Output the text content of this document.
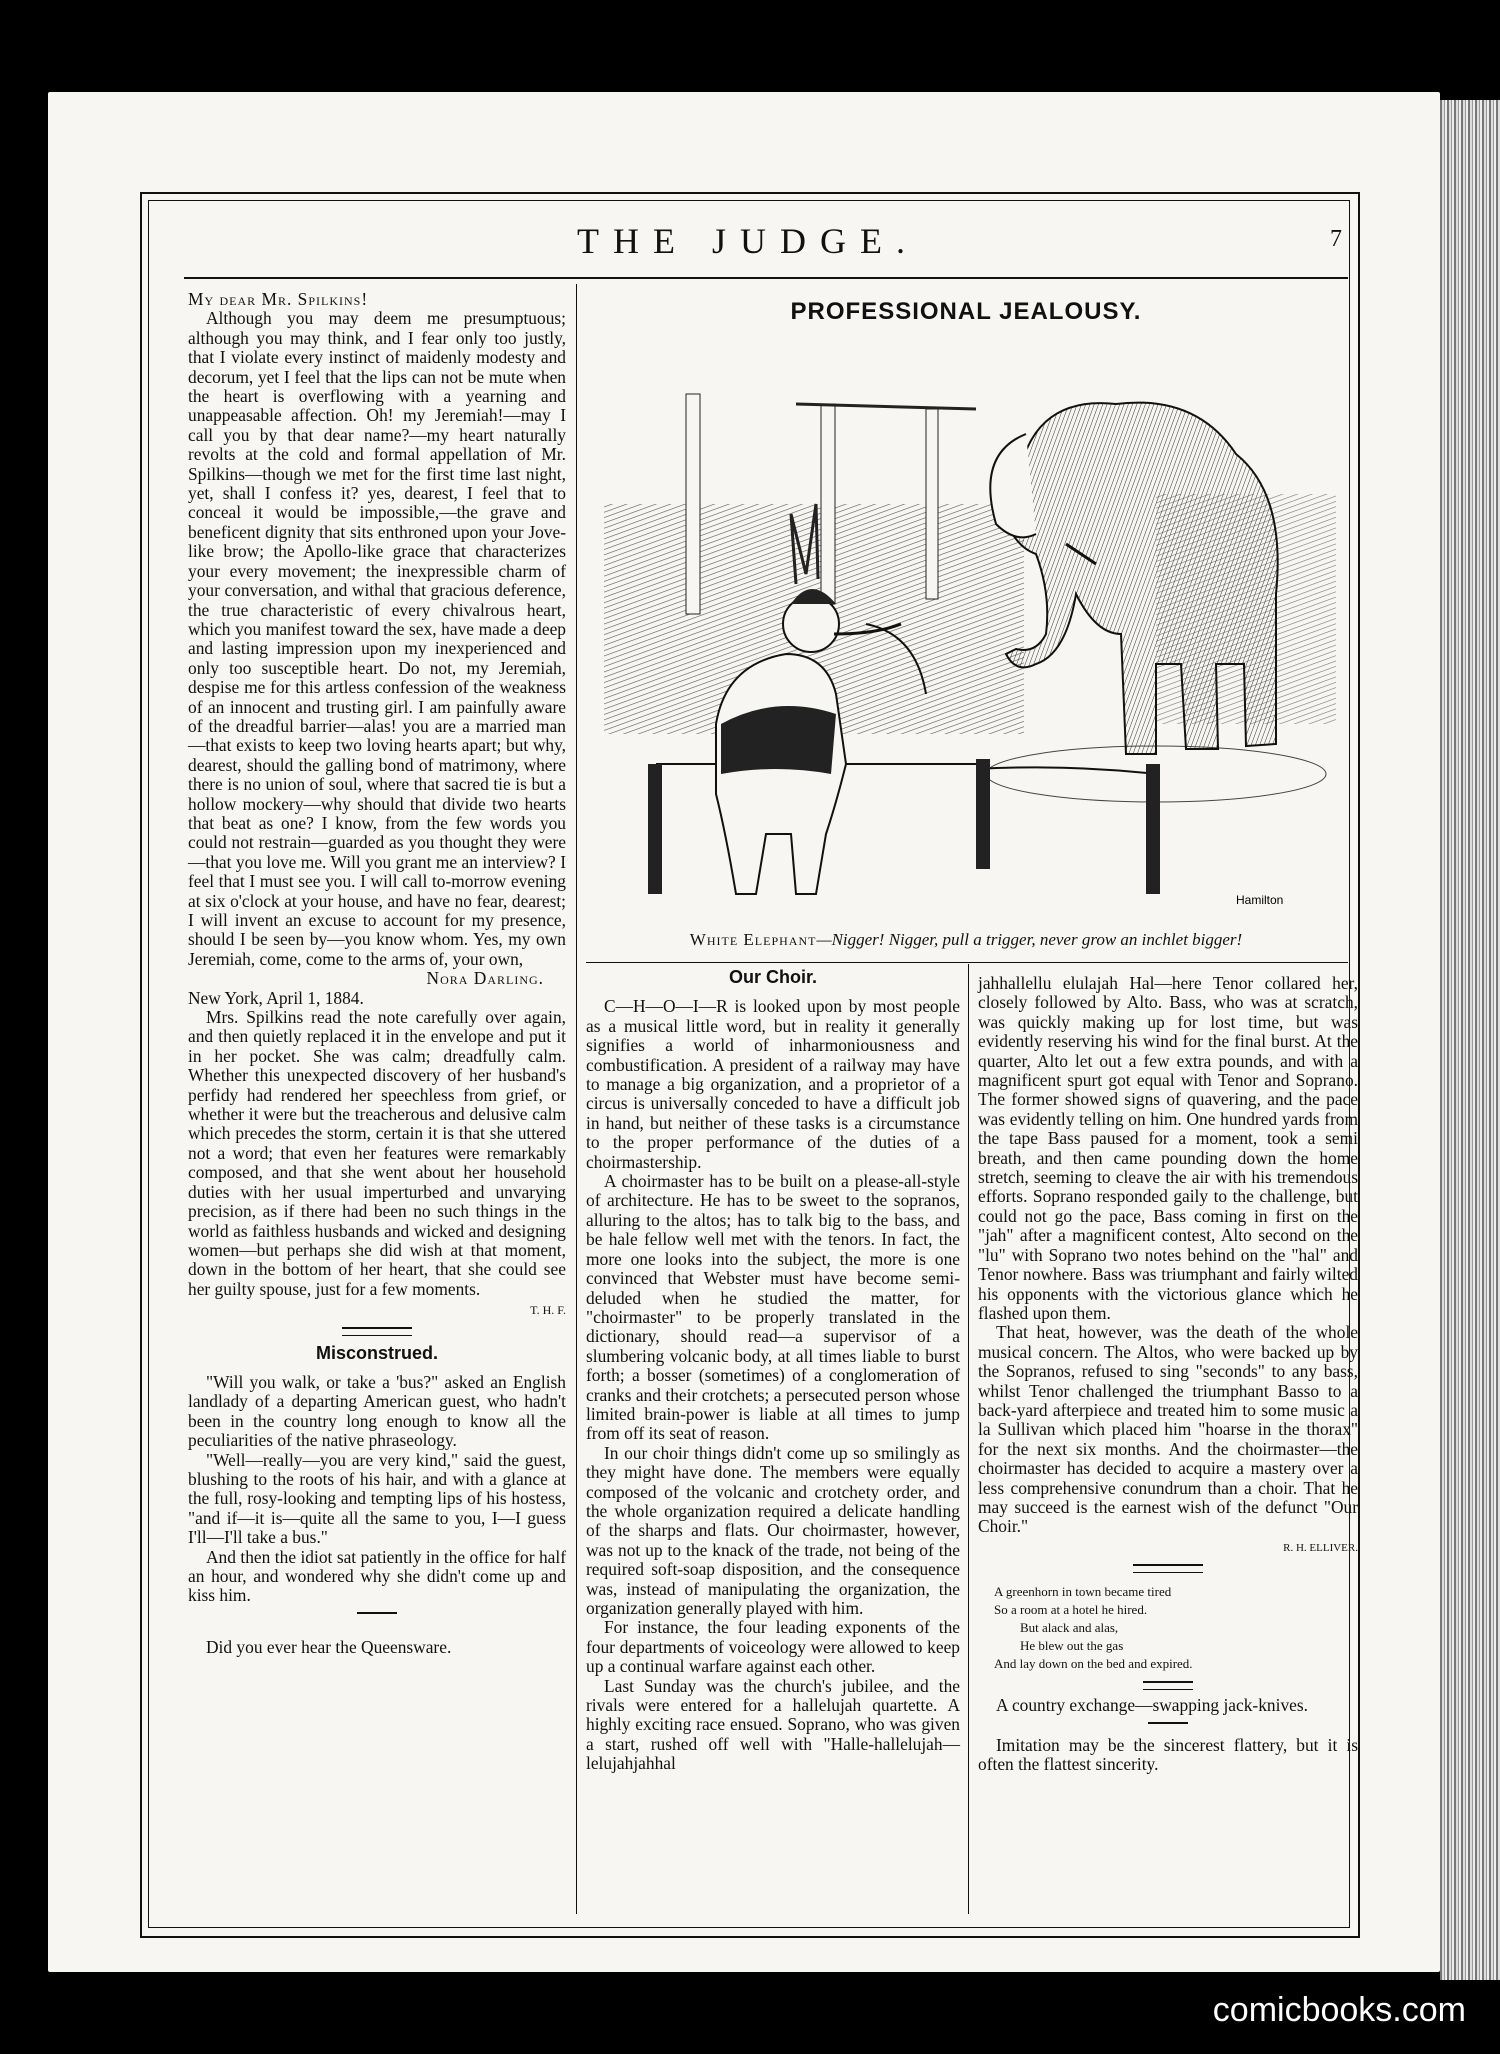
THE JUDGE.	7

My dear Mr. Spilkins!

Although you may deem me presumptuous; although you may think, and I fear only too justly, that I violate every instinct of maidenly modesty and decorum, yet I feel that the lips can not be mute when the heart is overflowing with a yearning and unappeasable affection. Oh! my Jeremiah!—may I call you by that dear name?—my heart naturally revolts at the cold and formal appellation of Mr. Spilkins—though we met for the first time last night, yet, shall I confess it? yes, dearest, I feel that to conceal it would be impossible,—the grave and beneficent dignity that sits enthroned upon your Jove-like brow; the Apollo-like grace that characterizes your every movement; the inexpressible charm of your conversation, and withal that gracious deference, the true characteristic of every chivalrous heart, which you manifest toward the sex, have made a deep and lasting impression upon my inexperienced and only too susceptible heart. Do not, my Jeremiah, despise me for this artless confession of the weakness of an innocent and trusting girl. I am painfully aware of the dreadful barrier—alas! you are a married man—that exists to keep two loving hearts apart; but why, dearest, should the galling bond of matrimony, where there is no union of soul, where that sacred tie is but a hollow mockery—why should that divide two hearts that beat as one? I know, from the few words you could not restrain—guarded as you thought they were—that you love me. Will you grant me an interview? I feel that I must see you. I will call to-morrow evening at six o'clock at your house, and have no fear, dearest; I will invent an excuse to account for my presence, should I be seen by—you know whom. Yes, my own Jeremiah, come, come to the arms of, your own,

Nora Darling.

New York, April 1, 1884.

Mrs. Spilkins read the note carefully over again, and then quietly replaced it in the envelope and put it in her pocket. She was calm; dreadfully calm. Whether this unexpected discovery of her husband's perfidy had rendered her speechless from grief, or whether it were but the treacherous and delusive calm which precedes the storm, certain it is that she uttered not a word; that even her features were remarkably composed, and that she went about her household duties with her usual imperturbed and unvarying precision, as if there had been no such things in the world as faithless husbands and wicked and designing women—but perhaps she did wish at that moment, down in the bottom of her heart, that she could see her guilty spouse, just for a few moments.

T. H. F.
Misconstrued.

"Will you walk, or take a 'bus?" asked an English landlady of a departing American guest, who hadn't been in the country long enough to know all the peculiarities of the native phraseology.

"Well—really—you are very kind," said the guest, blushing to the roots of his hair, and with a glance at the full, rosy-looking and tempting lips of his hostess, "and if—it is—quite all the same to you, I—I guess I'll—I'll take a bus."

And then the idiot sat patiently in the office for half an hour, and wondered why she didn't come up and kiss him.

Did you ever hear the Queensware.

PROFESSIONAL JEALOUSY.
Hamilton
White Elephant—Nigger! Nigger, pull a trigger, never grow an inchlet bigger!
Our Choir.

C—H—O—I—R is looked upon by most people as a musical little word, but in reality it generally signifies a world of inharmoniousness and combustification. A president of a railway may have to manage a big organization, and a proprietor of a circus is universally conceded to have a difficult job in hand, but neither of these tasks is a circumstance to the proper performance of the duties of a choirmastership.

A choirmaster has to be built on a please-all-style of architecture. He has to be sweet to the sopranos, alluring to the altos; has to talk big to the bass, and be hale fellow well met with the tenors. In fact, the more one looks into the subject, the more is one convinced that Webster must have become semi-deluded when he studied the matter, for "choirmaster" to be properly translated in the dictionary, should read—a supervisor of a slumbering volcanic body, at all times liable to burst forth; a bosser (sometimes) of a conglomeration of cranks and their crotchets; a persecuted person whose limited brain-power is liable at all times to jump from off its seat of reason.

In our choir things didn't come up so smilingly as they might have done. The members were equally composed of the volcanic and crotchety order, and the whole organization required a delicate handling of the sharps and flats. Our choirmaster, however, was not up to the knack of the trade, not being of the required soft-soap disposition, and the consequence was, instead of manipulating the organization, the organization generally played with him.

For instance, the four leading exponents of the four departments of voiceology were allowed to keep up a continual warfare against each other.

Last Sunday was the church's jubilee, and the rivals were entered for a hallelujah quartette. A highly exciting race ensued. Soprano, who was given a start, rushed off well with "Halle-hallelujah—lelujahjahhal

jahhallellu elulajah Hal—here Tenor collared her, closely followed by Alto. Bass, who was at scratch, was quickly making up for lost time, but was evidently reserving his wind for the final burst. At the quarter, Alto let out a few extra pounds, and with a magnificent spurt got equal with Tenor and Soprano. The former showed signs of quavering, and the pace was evidently telling on him. One hundred yards from the tape Bass paused for a moment, took a semi breath, and then came pounding down the home stretch, seeming to cleave the air with his tremendous efforts. Soprano responded gaily to the challenge, but could not go the pace, Bass coming in first on the "jah" after a magnificent contest, Alto second on the "lu" with Soprano two notes behind on the "hal" and Tenor nowhere. Bass was triumphant and fairly wilted his opponents with the victorious glance which he flashed upon them.

That heat, however, was the death of the whole musical concern. The Altos, who were backed up by the Sopranos, refused to sing "seconds" to any bass, whilst Tenor challenged the triumphant Basso to a back-yard afterpiece and treated him to some music a la Sullivan which placed him "hoarse in the thorax" for the next six months. And the choirmaster—the choirmaster has decided to acquire a mastery over a less comprehensive conundrum than a choir. That he may succeed is the earnest wish of the defunct "Our Choir."

R. H. ELLIVER.
A greenhorn in town became tired
So a room at a hotel he hired.
But alack and alas,
He blew out the gas
And lay down on the bed and expired.

A country exchange—swapping jack-knives.

Imitation may be the sincerest flattery, but it is often the flattest sincerity.

comicbooks.com
